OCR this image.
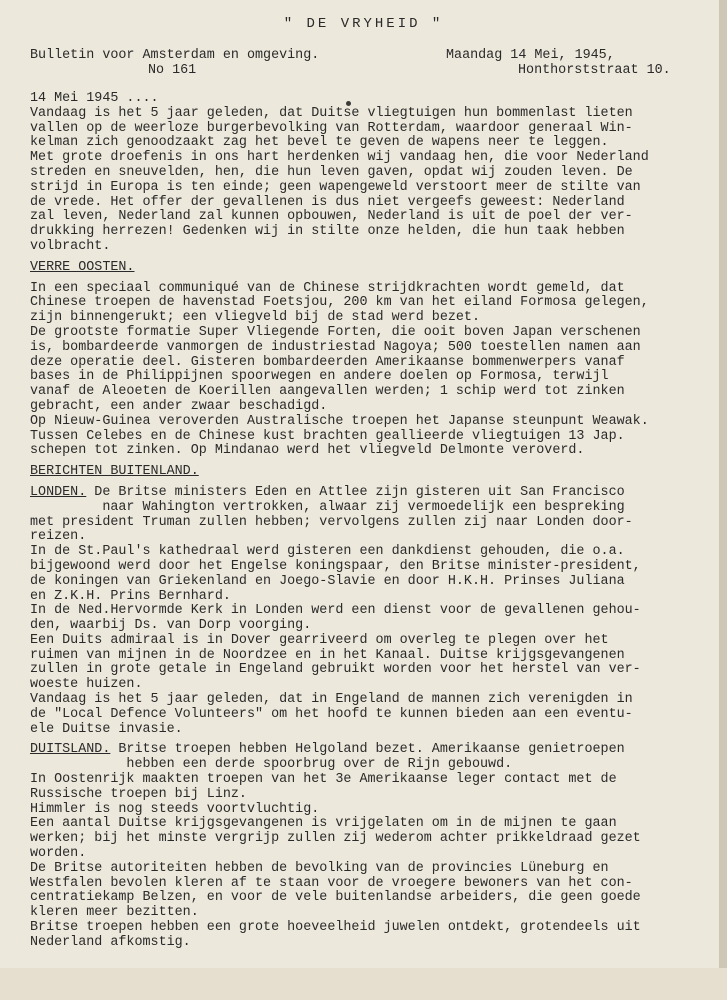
" DE VRYHEID "
Bulletin voor Amsterdam en omgeving.
No 161
Maandag 14 Mei, 1945,
Honthorststraat 10.
14 Mei 1945 ....
Vandaag is het 5 jaar geleden, dat Duitse vliegtuigen hun bommenlast lieten
vallen op de weerloze burgerbevolking van Rotterdam, waardoor generaal Win-
kelman zich genoodzaakt zag het bevel te geven de wapens neer te leggen.
Met grote droefenis in ons hart herdenken wij vandaag hen, die voor Nederland
streden en sneuvelden, hen, die hun leven gaven, opdat wij zouden leven. De
strijd in Europa is ten einde; geen wapengeweld verstoort meer de stilte van
de vrede. Het offer der gevallenen is dus niet vergeefs geweest: Nederland
zal leven, Nederland zal kunnen opbouwen, Nederland is uit de poel der ver-
drukking herrezen! Gedenken wij in stilte onze helden, die hun taak hebben
volbracht.
VERRE OOSTEN.
In een speciaal communiqué van de Chinese strijdkrachten wordt gemeld, dat
Chinese troepen de havenstad Foetsjou, 200 km van het eiland Formosa gelegen,
zijn binnengerukt; een vliegveld bij de stad werd bezet.
De grootste formatie Super Vliegende Forten, die ooit boven Japan verschenen
is, bombardeerde vanmorgen de industriestad Nagoya; 500 toestellen namen aan
deze operatie deel. Gisteren bombardeerden Amerikaanse bommenwerpers vanaf
bases in de Philippijnen spoorwegen en andere doelen op Formosa, terwijl
vanaf de Aleoeten de Koerillen aangevallen werden; 1 schip werd tot zinken
gebracht, een ander zwaar beschadigd.
Op Nieuw-Guinea veroverden Australische troepen het Japanse steunpunt Weawak.
Tussen Celebes en de Chinese kust brachten geallieerde vliegtuigen 13 Jap.
schepen tot zinken. Op Mindanao werd het vliegveld Delmonte veroverd.
BERICHTEN BUITENLAND.
LONDEN. De Britse ministers Eden en Attlee zijn gisteren uit San Francisco
naar Wahington vertrokken, alwaar zij vermoedelijk een bespreking
met president Truman zullen hebben; vervolgens zullen zij naar Londen door-
reizen.
In de St.Paul's kathedraal werd gisteren een dankdienst gehouden, die o.a.
bijgewoond werd door het Engelse koningspaar, den Britse minister-president,
de koningen van Griekenland en Joego-Slavie en door H.K.H. Prinses Juliana
en Z.K.H. Prins Bernhard.
In de Ned.Hervormde Kerk in Londen werd een dienst voor de gevallenen gehou-
den, waarbij Ds. van Dorp voorging.
Een Duits admiraal is in Dover gearriveerd om overleg te plegen over het
ruimen van mijnen in de Noordzee en in het Kanaal. Duitse krijgsgevangenen
zullen in grote getale in Engeland gebruikt worden voor het herstel van ver-
woeste huizen.
Vandaag is het 5 jaar geleden, dat in Engeland de mannen zich verenigden in
de "Local Defence Volunteers" om het hoofd te kunnen bieden aan een eventu-
ele Duitse invasie.
DUITSLAND. Britse troepen hebben Helgoland bezet. Amerikaanse genietroepen
hebben een derde spoorbrug over de Rijn gebouwd.
In Oostenrijk maakten troepen van het 3e Amerikaanse leger contact met de
Russische troepen bij Linz.
Himmler is nog steeds voortvluchtig.
Een aantal Duitse krijgsgevangenen is vrijgelaten om in de mijnen te gaan
werken; bij het minste vergrijp zullen zij wederom achter prikkeldraad gezet
worden.
De Britse autoriteiten hebben de bevolking van de provincies Lüneburg en
Westfalen bevolen kleren af te staan voor de vroegere bewoners van het con-
centratiekamp Belzen, en voor de vele buitenlandse arbeiders, die geen goede
kleren meer bezitten.
Britse troepen hebben een grote hoeveelheid juwelen ontdekt, grotendeels uit
Nederland afkomstig.
